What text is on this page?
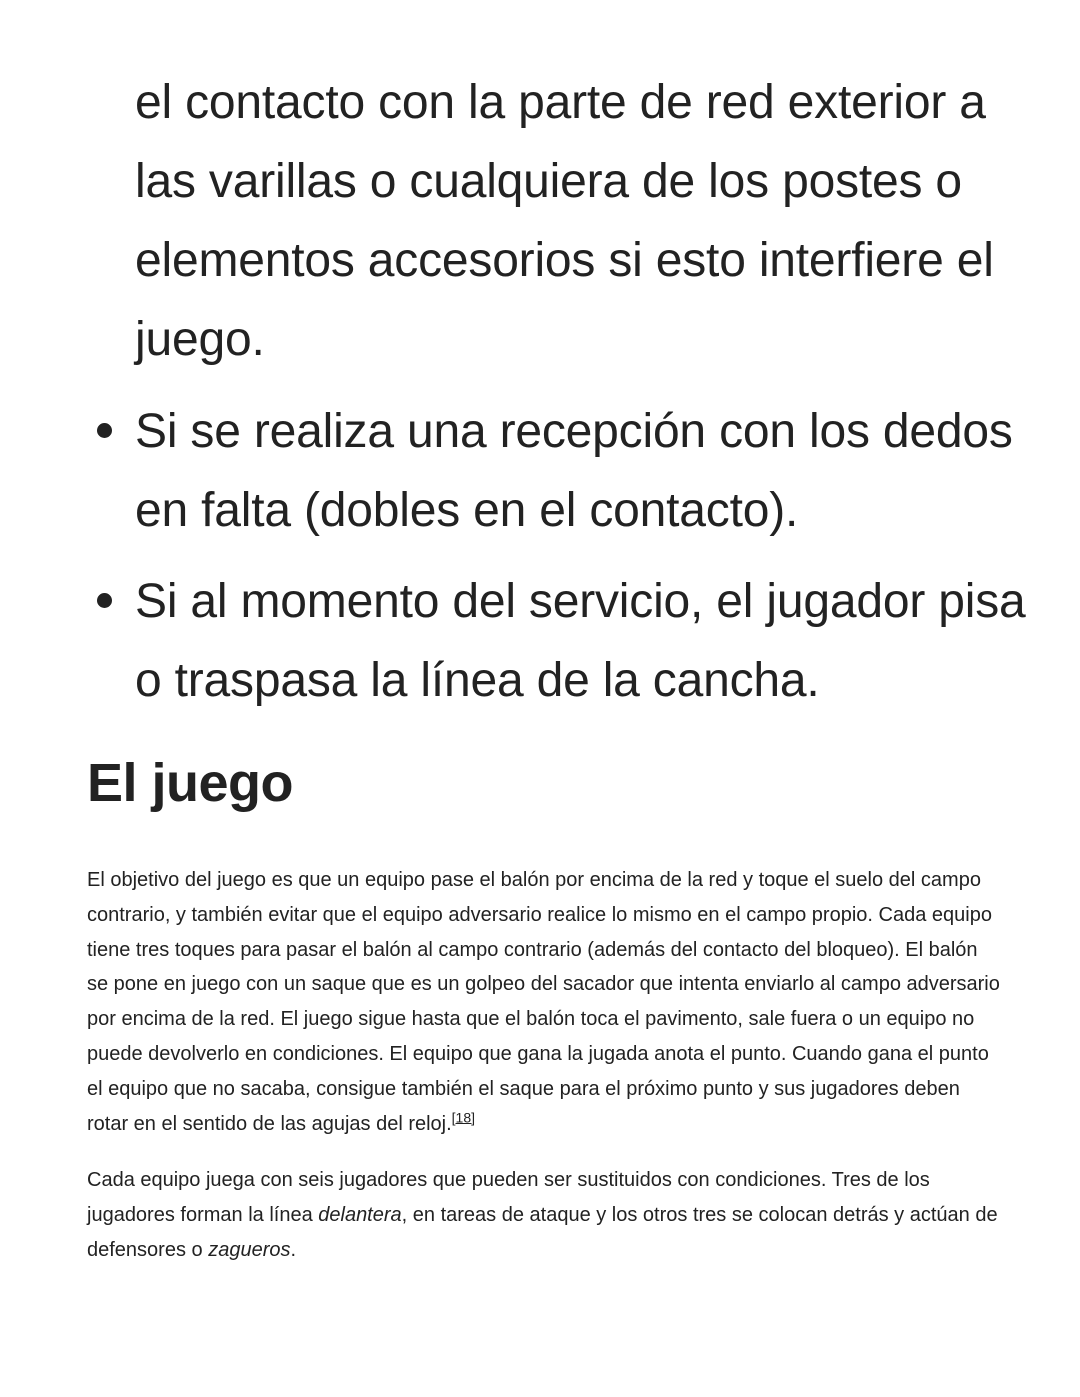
el contacto con la parte de red exterior a las varillas o cualquiera de los postes o elementos accesorios si esto interfiere el juego.
Si se realiza una recepción con los dedos en falta (dobles en el contacto).
Si al momento del servicio, el jugador pisa o traspasa la línea de la cancha.
El juego

El objetivo del juego es que un equipo pase el balón por encima de la red y toque el suelo del campo contrario, y también evitar que el equipo adversario realice lo mismo en el campo propio. Cada equipo tiene tres toques para pasar el balón al campo contrario (además del contacto del bloqueo). El balón se pone en juego con un saque que es un golpeo del sacador que intenta enviarlo al campo adversario por encima de la red. El juego sigue hasta que el balón toca el pavimento, sale fuera o un equipo no puede devolverlo en condiciones. El equipo que gana la jugada anota el punto. Cuando gana el punto el equipo que no sacaba, consigue también el saque para el próximo punto y sus jugadores deben rotar en el sentido de las agujas del reloj.[18]

Cada equipo juega con seis jugadores que pueden ser sustituidos con condiciones. Tres de los jugadores forman la línea delantera, en tareas de ataque y los otros tres se colocan detrás y actúan de defensores o zagueros.
